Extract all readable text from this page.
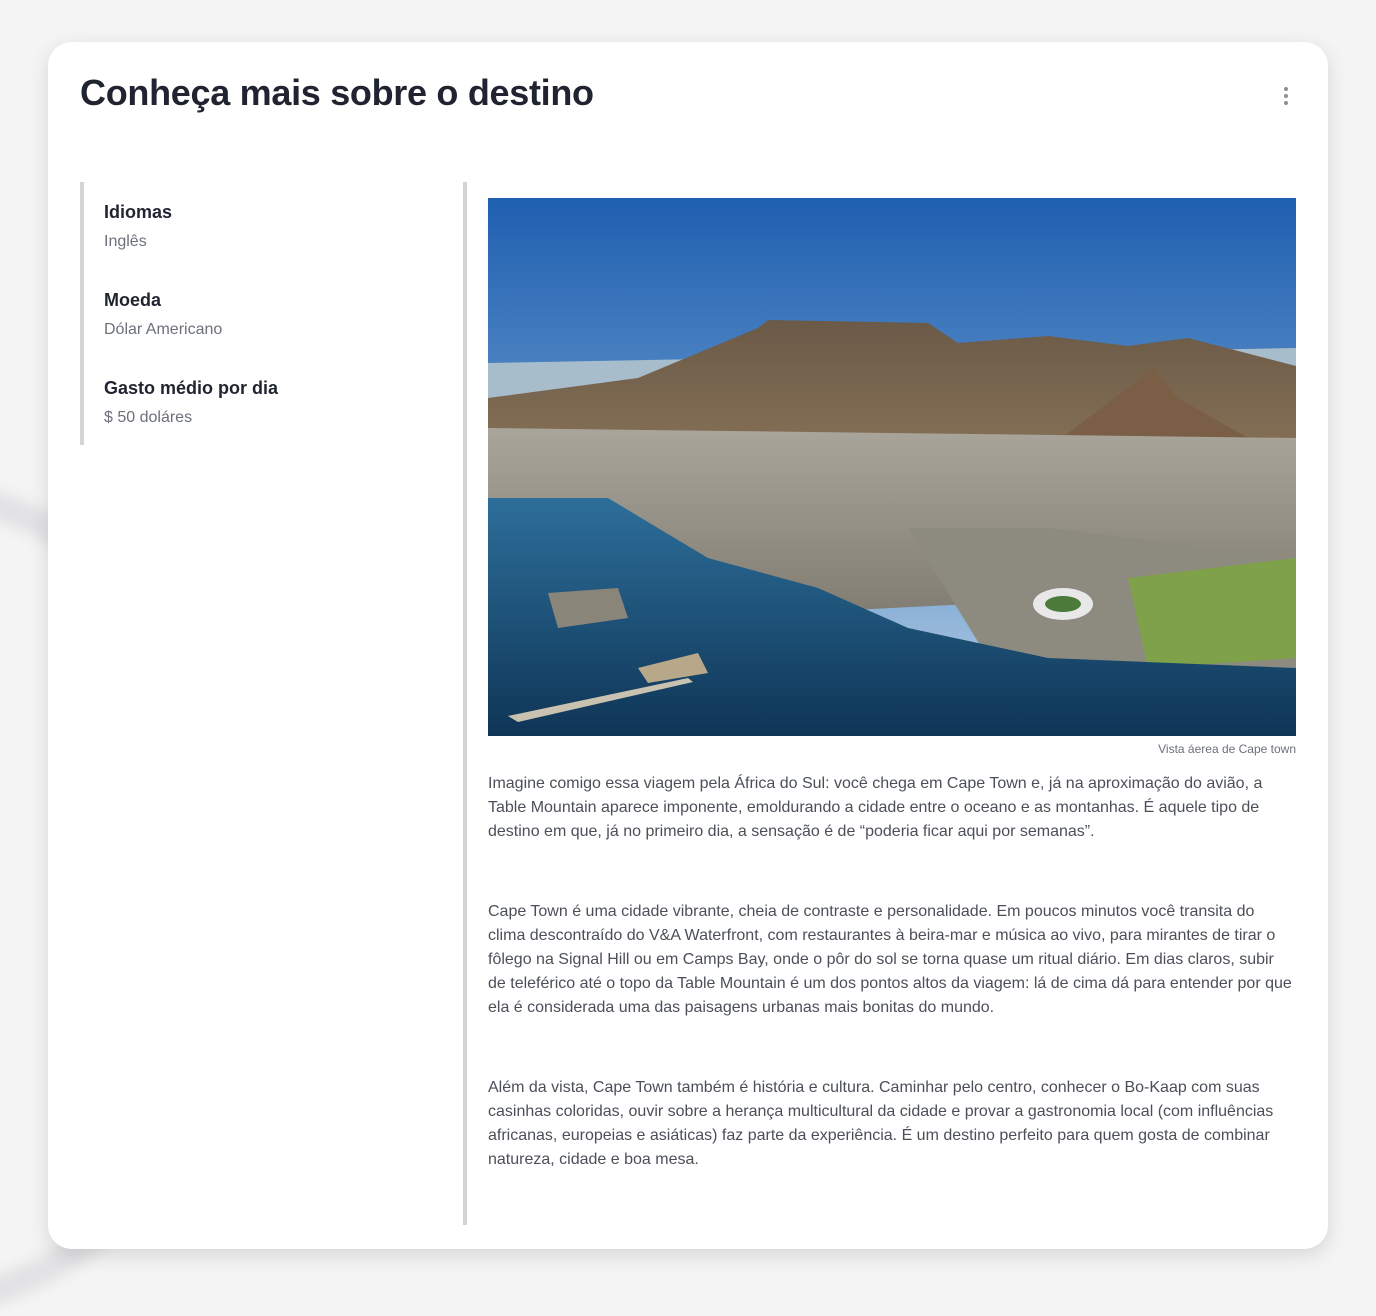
Conheça mais sobre o destino
Idiomas
Inglês
Moeda
Dólar Americano
Gasto médio por dia
$ 50 doláres
Vista áerea de Cape town

Imagine comigo essa viagem pela África do Sul: você chega em Cape Town e, já na aproximação do avião, a Table Mountain aparece imponente, emoldurando a cidade entre o oceano e as montanhas. É aquele tipo de destino em que, já no primeiro dia, a sensação é de “poderia ficar aqui por semanas”.

Cape Town é uma cidade vibrante, cheia de contraste e personalidade. Em poucos minutos você transita do clima descontraído do V&A Waterfront, com restaurantes à beira-mar e música ao vivo, para mirantes de tirar o fôlego na Signal Hill ou em Camps Bay, onde o pôr do sol se torna quase um ritual diário. Em dias claros, subir de teleférico até o topo da Table Mountain é um dos pontos altos da viagem: lá de cima dá para entender por que ela é considerada uma das paisagens urbanas mais bonitas do mundo.

Além da vista, Cape Town também é história e cultura. Caminhar pelo centro, conhecer o Bo-Kaap com suas casinhas coloridas, ouvir sobre a herança multicultural da cidade e provar a gastronomia local (com influências africanas, europeias e asiáticas) faz parte da experiência. É um destino perfeito para quem gosta de combinar natureza, cidade e boa mesa.
